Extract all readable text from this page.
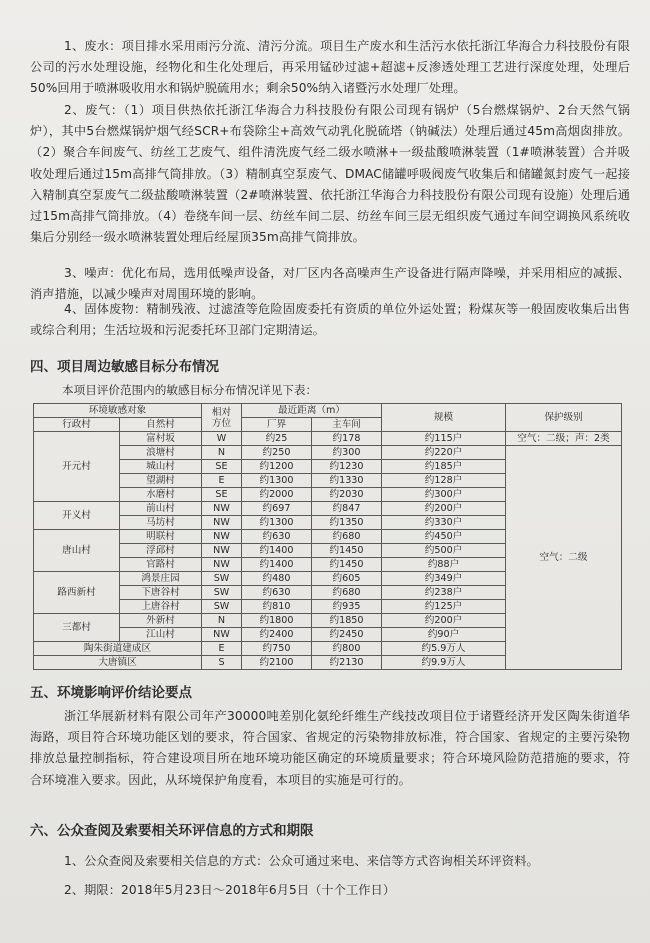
1、废水：项目排水采用雨污分流、清污分流。项目生产废水和生活污水依托浙江华海合力科技股份有限公司的污水处理设施，经物化和生化处理后，再采用锰砂过滤+超滤+反渗透处理工艺进行深度处理，处理后50%回用于喷淋吸收用水和锅炉脱硫用水；剩余50%纳入诸暨污水处理厂处理。
2、废气：（1）项目供热依托浙江华海合力科技股份有限公司现有锅炉（5台燃煤锅炉、2台天然气锅炉），其中5台燃煤锅炉烟气经SCR+布袋除尘+高效气动乳化脱硫塔（钠碱法）处理后通过45m高烟囱排放。（2）聚合车间废气、纺丝工艺废气、组件清洗废气经二级水喷淋+一级盐酸喷淋装置（1#喷淋装置）合并吸收处理后通过15m高排气筒排放。（3）精制真空泵废气、DMAC储罐呼吸阀废气收集后和储罐氮封废气一起接入精制真空泵废气二级盐酸喷淋装置（2#喷淋装置、依托浙江华海合力科技股份有限公司现有设施）处理后通过15m高排气筒排放。（4）卷绕车间一层、纺丝车间二层、纺丝车间三层无组织废气通过车间空调换风系统收集后分别经一级水喷淋装置处理后经屋顶35m高排气筒排放。
3、噪声：优化布局，选用低噪声设备，对厂区内各高噪声生产设备进行隔声降噪，并采用相应的减振、消声措施，以减少噪声对周围环境的影响。
4、固体废物：精制残液、过滤渣等危险固废委托有资质的单位外运处置；粉煤灰等一般固废收集后出售或综合利用；生活垃圾和污泥委托环卫部门定期清运。
四、项目周边敏感目标分布情况
本项目评价范围内的敏感目标分布情况详见下表：
环境敏感对象		相对
方位	最近距离（m）		规模	保护级别
行政村	自然村		厂界	主车间		
开元村	富村坂	W	约25	约178	约115户	空气：二级；声：2类
	浪塘村	N	约250	约300	约220户	空气：二级
	城山村	SE	约1200	约1230	约185户	
	望湖村	E	约1300	约1330	约128户	
	水磨村	SE	约2000	约2030	约300户	
开义村	前山村	NW	约697	约847	约200户	
	马坊村	NW	约1300	约1350	约330户	
唐山村	明联村	NW	约630	约680	约450户	
	浮邱村	NW	约1400	约1450	约500户	
	官路村	NW	约1400	约1450	约88户	
路西新村	鸿景庄园	SW	约480	约605	约349户	
	下唐谷村	SW	约630	约680	约238户	
	上唐谷村	SW	约810	约935	约125户	
三都村	外新村	N	约1800	约1850	约200户	
	江山村	NW	约2400	约2450	约90户	
陶朱街道建成区		E	约750	约800	约5.9万人	
大唐镇区		S	约2100	约2130	约9.9万人	
五、环境影响评价结论要点
浙江华展新材料有限公司年产30000吨差别化氨纶纤维生产线技改项目位于诸暨经济开发区陶朱街道华海路，项目符合环境功能区划的要求，符合国家、省规定的污染物排放标准，符合国家、省规定的主要污染物排放总量控制指标，符合建设项目所在地环境功能区确定的环境质量要求；符合环境风险防范措施的要求，符合环境准入要求。因此，从环境保护角度看，本项目的实施是可行的。
六、公众查阅及索要相关环评信息的方式和期限
1、公众查阅及索要相关信息的方式：公众可通过来电、来信等方式咨询相关环评资料。
2、期限：2018年5月23日～2018年6月5日（十个工作日）
